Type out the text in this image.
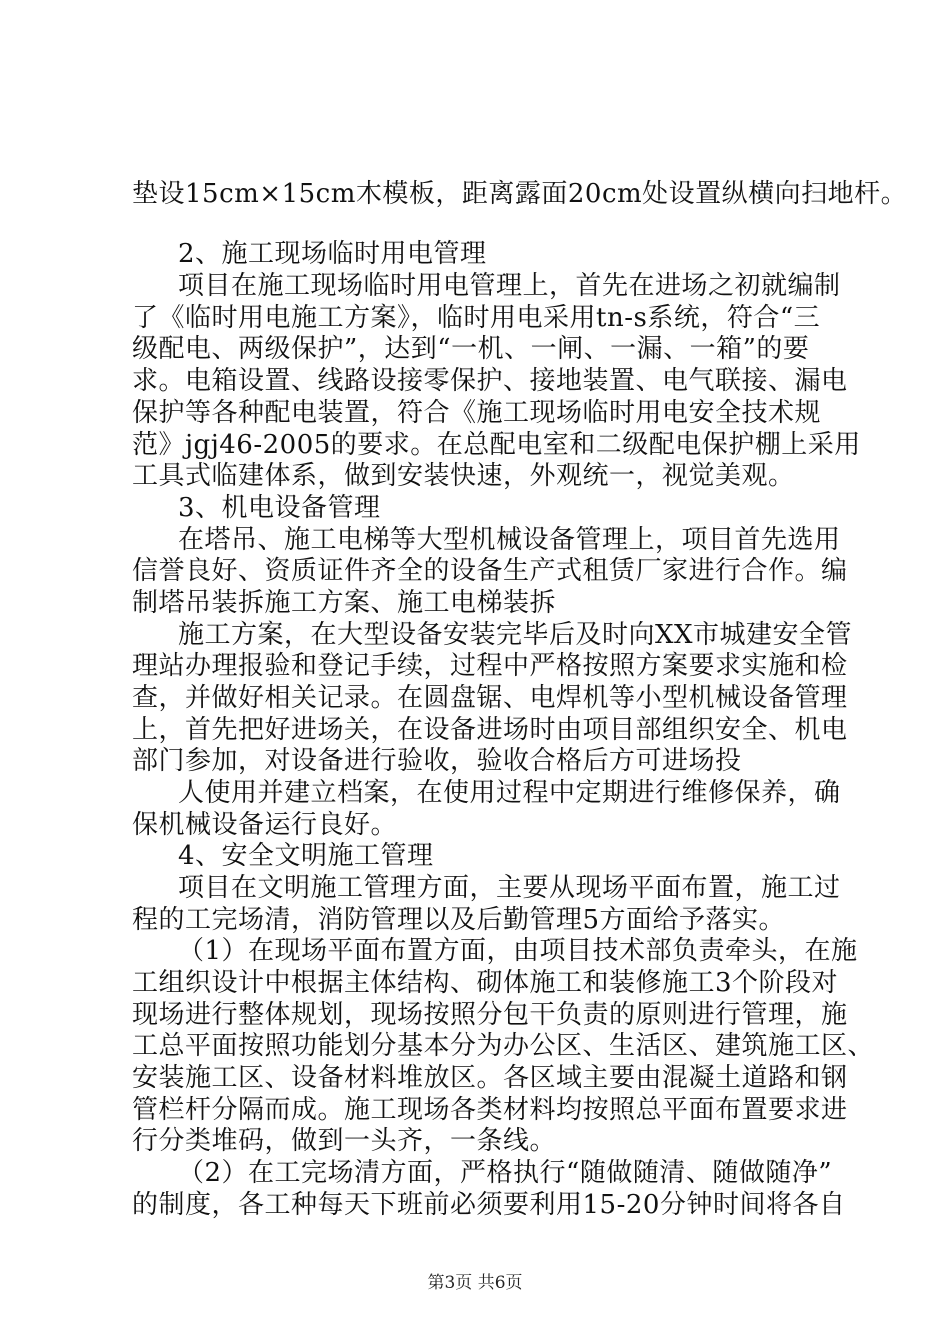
垫设15cm×15cm木模板，距离露面20cm处设置纵横向扫地杆。
2、施工现场临时用电管理
项目在施工现场临时用电管理上，首先在进场之初就编制
了《临时用电施工方案》，临时用电采用tn-s系统，符合“三
级配电、两级保护”，达到“一机、一闸、一漏、一箱”的要
求。电箱设置、线路设接零保护、接地装置、电气联接、漏电
保护等各种配电装置，符合《施工现场临时用电安全技术规
范》jgj46-2005的要求。在总配电室和二级配电保护棚上采用
工具式临建体系，做到安装快速，外观统一，视觉美观。
3、机电设备管理
在塔吊、施工电梯等大型机械设备管理上，项目首先选用
信誉良好、资质证件齐全的设备生产式租赁厂家进行合作。编
制塔吊装拆施工方案、施工电梯装拆
施工方案，在大型设备安装完毕后及时向XX市城建安全管
理站办理报验和登记手续，过程中严格按照方案要求实施和检
查，并做好相关记录。在圆盘锯、电焊机等小型机械设备管理
上，首先把好进场关，在设备进场时由项目部组织安全、机电
部门参加，对设备进行验收，验收合格后方可进场投
人使用并建立档案，在使用过程中定期进行维修保养，确
保机械设备运行良好。
4、安全文明施工管理
项目在文明施工管理方面，主要从现场平面布置，施工过
程的工完场清，消防管理以及后勤管理5方面给予落实。
（1）在现场平面布置方面，由项目技术部负责牵头，在施
工组织设计中根据主体结构、砌体施工和装修施工3个阶段对
现场进行整体规划，现场按照分包干负责的原则进行管理，施
工总平面按照功能划分基本分为办公区、生活区、建筑施工区、
安装施工区、设备材料堆放区。各区域主要由混凝土道路和钢
管栏杆分隔而成。施工现场各类材料均按照总平面布置要求进
行分类堆码，做到一头齐，一条线。
（2）在工完场清方面，严格执行“随做随清、随做随净”
的制度，各工种每天下班前必须要利用15-20分钟时间将各自
第3页 共6页
